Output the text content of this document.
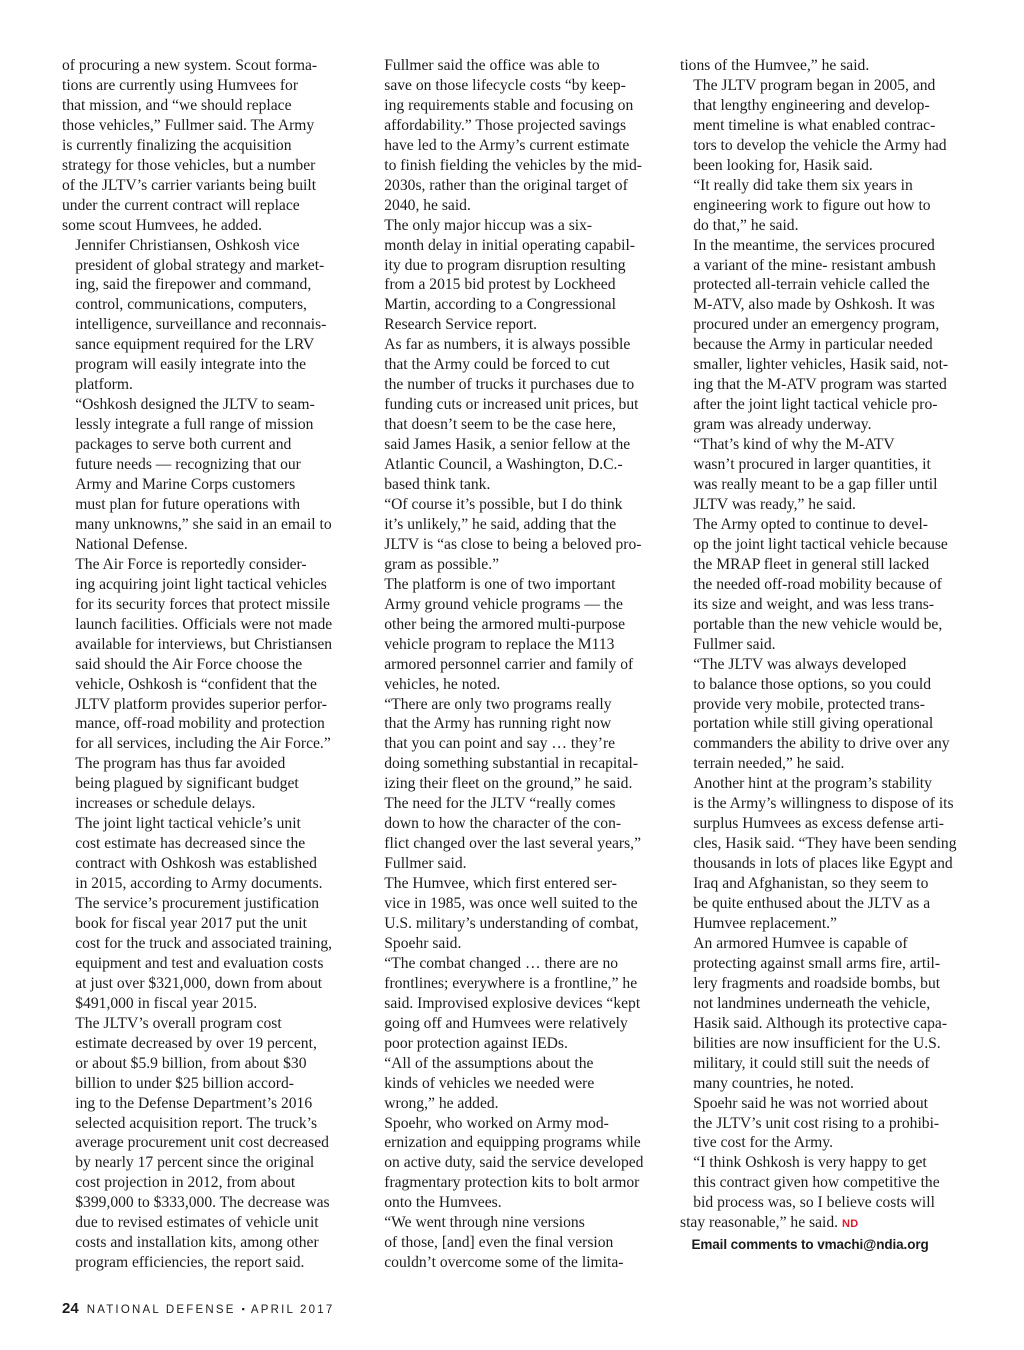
of procuring a new system. Scout forma-
tions are currently using Humvees for
that mission, and “we should replace
those vehicles,” Fullmer said. The Army
is currently finalizing the acquisition
strategy for those vehicles, but a number
of the JLTV’s carrier variants being built
under the current contract will replace
some scout Humvees, he added.

Jennifer Christiansen, Oshkosh vice
president of global strategy and market-
ing, said the firepower and command,
control, communications, computers,
intelligence, surveillance and reconnais-
sance equipment required for the LRV
program will easily integrate into the
platform.

“Oshkosh designed the JLTV to seam-
lessly integrate a full range of mission
packages to serve both current and
future needs — recognizing that our
Army and Marine Corps customers
must plan for future operations with
many unknowns,” she said in an email to
National Defense.

The Air Force is reportedly consider-
ing acquiring joint light tactical vehicles
for its security forces that protect missile
launch facilities. Officials were not made
available for interviews, but Christiansen
said should the Air Force choose the
vehicle, Oshkosh is “confident that the
JLTV platform provides superior perfor-
mance, off-road mobility and protection
for all services, including the Air Force.”

The program has thus far avoided
being plagued by significant budget
increases or schedule delays.

The joint light tactical vehicle’s unit
cost estimate has decreased since the
contract with Oshkosh was established
in 2015, according to Army documents.
The service’s procurement justification
book for fiscal year 2017 put the unit
cost for the truck and associated training,
equipment and test and evaluation costs
at just over $321,000, down from about
$491,000 in fiscal year 2015.

The JLTV’s overall program cost
estimate decreased by over 19 percent,
or about $5.9 billion, from about $30
billion to under $25 billion accord-
ing to the Defense Department’s 2016
selected acquisition report. The truck’s
average procurement unit cost decreased
by nearly 17 percent since the original
cost projection in 2012, from about
$399,000 to $333,000. The decrease was
due to revised estimates of vehicle unit
costs and installation kits, among other
program efficiencies, the report said.

Fullmer said the office was able to
save on those lifecycle costs “by keep-
ing requirements stable and focusing on
affordability.” Those projected savings
have led to the Army’s current estimate
to finish fielding the vehicles by the mid-
2030s, rather than the original target of
2040, he said.

The only major hiccup was a six-
month delay in initial operating capabil-
ity due to program disruption resulting
from a 2015 bid protest by Lockheed
Martin, according to a Congressional
Research Service report.

As far as numbers, it is always possible
that the Army could be forced to cut
the number of trucks it purchases due to
funding cuts or increased unit prices, but
that doesn’t seem to be the case here,
said James Hasik, a senior fellow at the
Atlantic Council, a Washington, D.C.-
based think tank.

“Of course it’s possible, but I do think
it’s unlikely,” he said, adding that the
JLTV is “as close to being a beloved pro-
gram as possible.”

The platform is one of two important
Army ground vehicle programs — the
other being the armored multi-purpose
vehicle program to replace the M113
armored personnel carrier and family of
vehicles, he noted.

“There are only two programs really
that the Army has running right now
that you can point and say … they’re
doing something substantial in recapital-
izing their fleet on the ground,” he said.

The need for the JLTV “really comes
down to how the character of the con-
flict changed over the last several years,”
Fullmer said.

The Humvee, which first entered ser-
vice in 1985, was once well suited to the
U.S. military’s understanding of combat,
Spoehr said.

“The combat changed … there are no
frontlines; everywhere is a frontline,” he
said. Improvised explosive devices “kept
going off and Humvees were relatively
poor protection against IEDs.

“All of the assumptions about the
kinds of vehicles we needed were
wrong,” he added.

Spoehr, who worked on Army mod-
ernization and equipping programs while
on active duty, said the service developed
fragmentary protection kits to bolt armor
onto the Humvees.

“We went through nine versions
of those, [and] even the final version
couldn’t overcome some of the limita-

tions of the Humvee,” he said.

The JLTV program began in 2005, and
that lengthy engineering and develop-
ment timeline is what enabled contrac-
tors to develop the vehicle the Army had
been looking for, Hasik said.

“It really did take them six years in
engineering work to figure out how to
do that,” he said.

In the meantime, the services procured
a variant of the mine- resistant ambush
protected all-terrain vehicle called the
M-ATV, also made by Oshkosh. It was
procured under an emergency program,
because the Army in particular needed
smaller, lighter vehicles, Hasik said, not-
ing that the M-ATV program was started
after the joint light tactical vehicle pro-
gram was already underway.

“That’s kind of why the M-ATV
wasn’t procured in larger quantities, it
was really meant to be a gap filler until
JLTV was ready,” he said.

The Army opted to continue to devel-
op the joint light tactical vehicle because
the MRAP fleet in general still lacked
the needed off-road mobility because of
its size and weight, and was less trans-
portable than the new vehicle would be,
Fullmer said.

“The JLTV was always developed
to balance those options, so you could
provide very mobile, protected trans-
portation while still giving operational
commanders the ability to drive over any
terrain needed,” he said.

Another hint at the program’s stability
is the Army’s willingness to dispose of its
surplus Humvees as excess defense arti-
cles, Hasik said. “They have been sending
thousands in lots of places like Egypt and
Iraq and Afghanistan, so they seem to
be quite enthused about the JLTV as a
Humvee replacement.”

An armored Humvee is capable of
protecting against small arms fire, artil-
lery fragments and roadside bombs, but
not landmines underneath the vehicle,
Hasik said. Although its protective capa-
bilities are now insufficient for the U.S.
military, it could still suit the needs of
many countries, he noted.

Spoehr said he was not worried about
the JLTV’s unit cost rising to a prohibi-
tive cost for the Army.

“I think Oshkosh is very happy to get
this contract given how competitive the
bid process was, so I believe costs will
stay reasonable,” he said. ND

Email comments to vmachi@ndia.org

24 NATIONAL DEFENSE ▪ APRIL 2017
